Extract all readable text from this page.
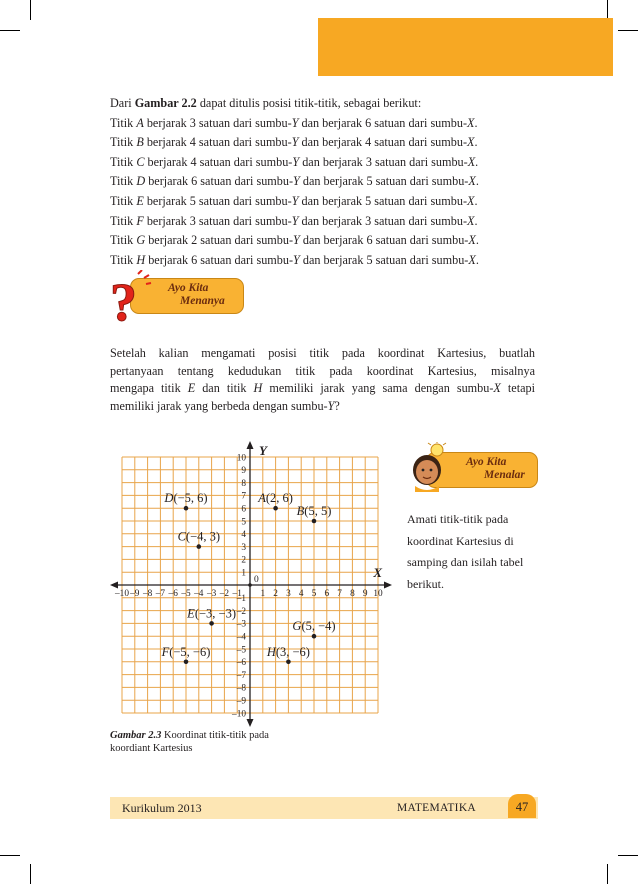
Dari Gambar 2.2 dapat ditulis posisi titik-titik, sebagai berikut:
Titik A berjarak 3 satuan dari sumbu-Y dan berjarak 6 satuan dari sumbu-X.
Titik B berjarak 4 satuan dari sumbu-Y dan berjarak 4 satuan dari sumbu-X.
Titik C berjarak 4 satuan dari sumbu-Y dan berjarak 3 satuan dari sumbu-X.
Titik D berjarak 6 satuan dari sumbu-Y dan berjarak 5 satuan dari sumbu-X.
Titik E berjarak 5 satuan dari sumbu-Y dan berjarak 5 satuan dari sumbu-X.
Titik F berjarak 3 satuan dari sumbu-Y dan berjarak 3 satuan dari sumbu-X.
Titik G berjarak 2 satuan dari sumbu-Y dan berjarak 6 satuan dari sumbu-X.
Titik H berjarak 6 satuan dari sumbu-Y dan berjarak 5 satuan dari sumbu-X.
?	Ayo Kita
Menanya
Setelah kalian mengamati posisi titik pada koordinat Kartesius, buatlah
pertanyaan tentang kedudukan titik pada koordinat Kartesius, misalnya
mengapa titik E dan titik H memiliki jarak yang sama dengan sumbu-X tetapi
memiliki jarak yang berbeda dengan sumbu-Y?
X
Y
0
–10 –9 –8 –7 –6 –5 –4 –3 –2 –1 1 2 3 4 5 6 7 8 9 10
10
9
8
7
6
5
4
3
2
1
–1
–2
–3
–4
–5
–6
–7
–8
–9
–10
A(2, 6)
B(5, 5)
C(−4, 3)
D(−5, 6)
E(−3, −3)
F(−5, −6)
G(5, −4)
H(3, −6)
Ayo Kita
Menalar
Amati titik-titik pada
koordinat Kartesius di
samping dan isilah tabel
berikut.
Gambar 2.3 Koordinat titik-titik pada
koordiant Kartesius
Kurikulum 2013	MATEMATIKA	47
